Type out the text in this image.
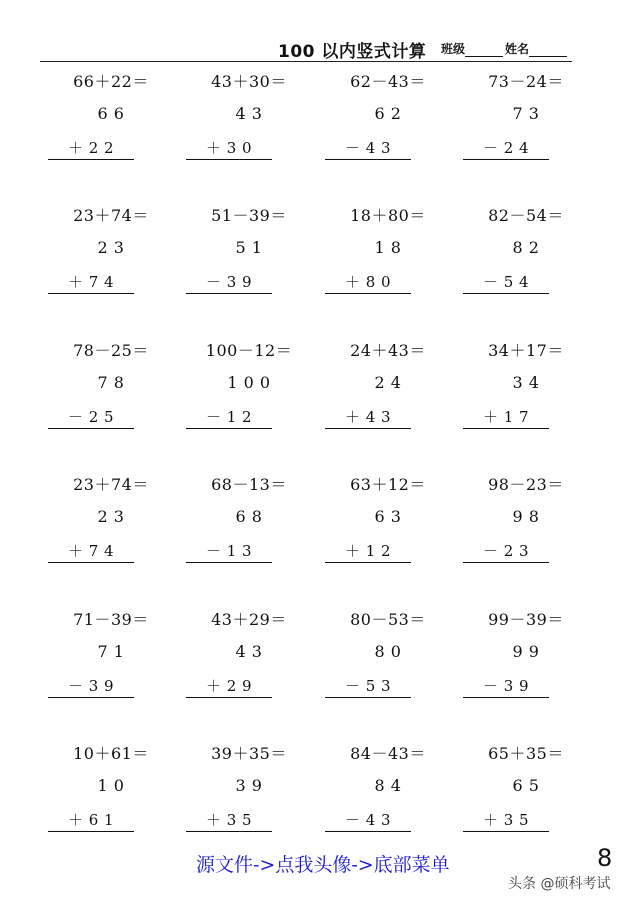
100 以内竖式计算 班级	姓名
66＋22＝
6 6
＋ 2 2
43＋30＝
4 3
＋ 3 0
62－43＝
6 2
－ 4 3
73－24＝
7 3
－ 2 4
23＋74＝
2 3
＋ 7 4
51－39＝
5 1
－ 3 9
18＋80＝
1 8
＋ 8 0
82－54＝
8 2
－ 5 4
78－25＝
7 8
－ 2 5
100－12＝
1 0 0
－ 1 2
24＋43＝
2 4
＋ 4 3
34＋17＝
3 4
＋ 1 7
23＋74＝
2 3
＋ 7 4
68－13＝
6 8
－ 1 3
63＋12＝
6 3
＋ 1 2
98－23＝
9 8
－ 2 3
71－39＝
7 1
－ 3 9
43＋29＝
4 3
＋ 2 9
80－53＝
8 0
－ 5 3
99－39＝
9 9
－ 3 9
10＋61＝
1 0
＋ 6 1
39＋35＝
3 9
＋ 3 5
84－43＝
8 4
－ 4 3
65＋35＝
6 5
＋ 3 5
源文件->点我头像->底部菜单	8
头条 @硕科考试
